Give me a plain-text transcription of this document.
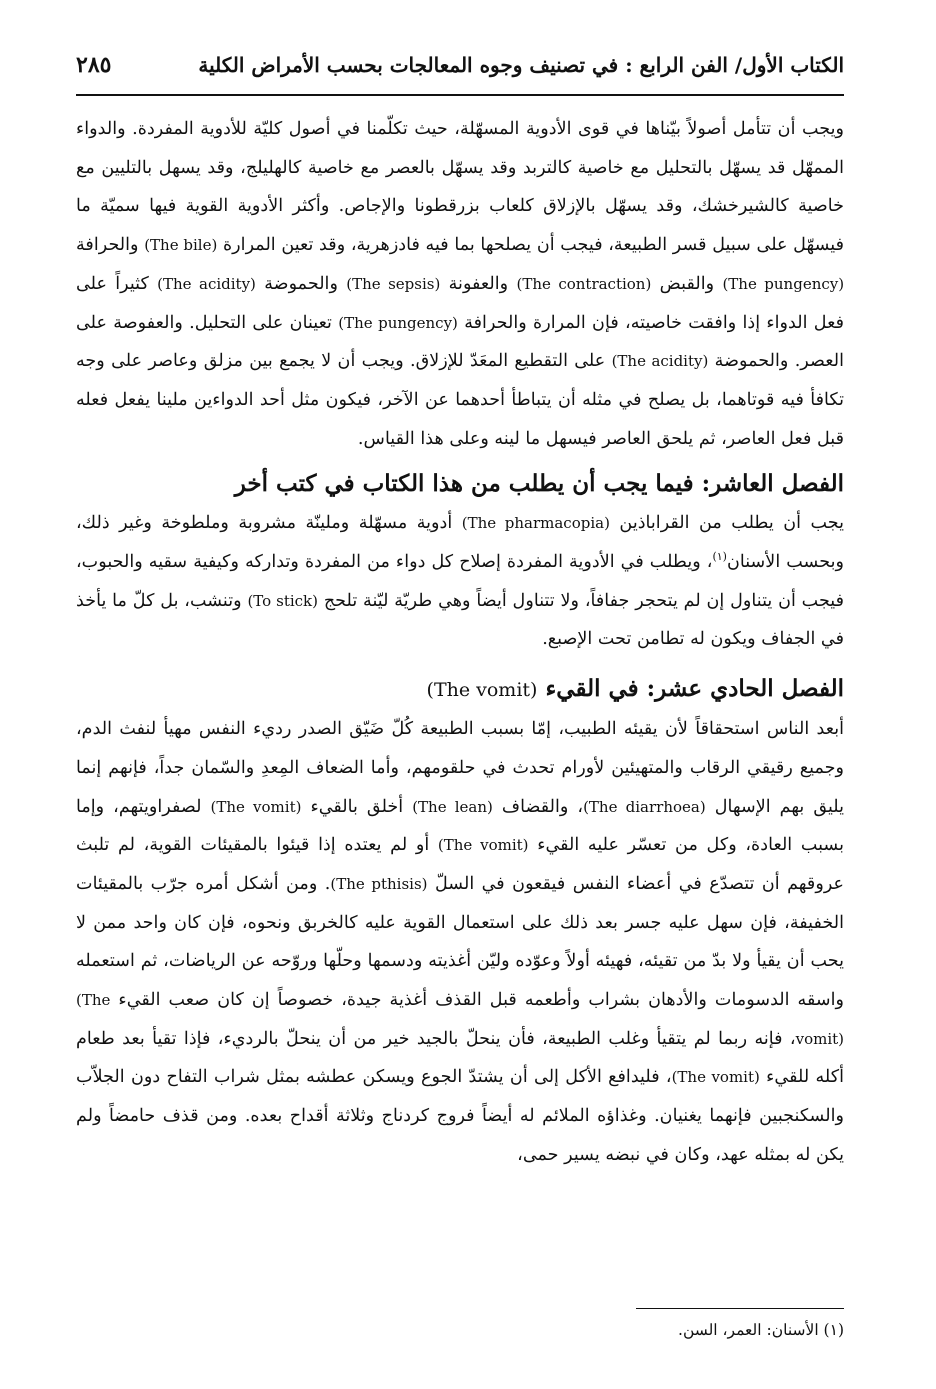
الكتاب الأول/ الفن الرابع : في تصنيف وجوه المعالجات بحسب الأمراض الكلية
٢٨٥

ويجب أن تتأمل أصولاً بيّناها في قوى الأدوية المسهّلة، حيث تكلّمنا في أصول كليّة للأدوية المفردة. والدواء الممهّل قد يسهّل بالتحليل مع خاصية كالتربد وقد يسهّل بالعصر مع خاصية كالهليلج، وقد يسهل بالتليين مع خاصية كالشيرخشك، وقد يسهّل بالإزلاق كلعاب بزرقطونا والإجاص. وأكثر الأدوية القوية فيها سميّة ما فيسهّل على سبيل قسر الطبيعة، فيجب أن يصلحها بما فيه فادزهرية، وقد تعين المرارة (The bile) والحرافة (The pungency) والقبض (The contraction) والعفونة (The sepsis) والحموضة (The acidity) كثيراً على فعل الدواء إذا وافقت خاصيته، فإن المرارة والحرافة (The pungency) تعينان على التحليل. والعفوصة على العصر. والحموضة (The acidity) على التقطيع المعَدّ للإزلاق. ويجب أن لا يجمع بين مزلق وعاصر على وجه تكافأ فيه قوتاهما، بل يصلح في مثله أن يتباطأ أحدهما عن الآخر، فيكون مثل أحد الدواءين ملينا يفعل فعله قبل فعل العاصر، ثم يلحق العاصر فيسهل ما لينه وعلى هذا القياس.

الفصل العاشر: فيما يجب أن يطلب من هذا الكتاب في كتب أخر

يجب أن يطلب من القراباذين (The pharmacopia) أدوية مسهّلة وملينّة مشروبة وملطوخة وغير ذلك، وبحسب الأسنان$^{(١)}$، ويطلب في الأدوية المفردة إصلاح كل دواء من المفردة وتداركه وكيفية سقيه والحبوب، فيجب أن يتناول إن لم يتحجر جفافاً، ولا تتناول أيضاً وهي طريّة ليّنة تلحج (To stick) وتنشب، بل كلّ ما يأخذ في الجفاف ويكون له تطامن تحت الإصبع.

الفصل الحادي عشر: في القيء (The vomit)

أبعد الناس استحقاقاً لأن يقيئه الطبيب، إمّا بسبب الطبيعة كُلّ ضَيّق الصدر رديء النفس مهيأ لنفث الدم، وجميع رقيقي الرقاب والمتهيئين لأورام تحدث في حلقومهم، وأما الضعاف المِعدِ والسّمان جداً، فإنهم إنما يليق بهم الإسهال (The diarrhoea)، والقضاف (The lean) أخلق بالقيء (The vomit) لصفراويتهم، وإما بسبب العادة، وكل من تعسّر عليه القيء (The vomit) أو لم يعتده إذا قيئوا بالمقيئات القوية، لم تلبث عروقهم أن تتصدّع في أعضاء النفس فيقعون في السلّ (The pthisis). ومن أشكل أمره جرّب بالمقيئات الخفيفة، فإن سهل عليه جسر بعد ذلك على استعمال القوية عليه كالخربق ونحوه، فإن كان واحد ممن لا يحب أن يقيأ ولا بدّ من تقيئه، فهيئه أولاً وعوّده وليّن أغذيته ودسمها وحلّها وروّحه عن الرياضات، ثم استعمله واسقه الدسومات والأدهان بشراب وأطعمه قبل القذف أغذية جيدة، خصوصاً إن كان صعب القيء (The vomit)، فإنه ربما لم يتقيأ وغلب الطبيعة، فأن ينحلّ بالجيد خير من أن ينحلّ بالرديء، فإذا تقيأ بعد طعام أكله للقيء (The vomit)، فليدافع الأكل إلى أن يشتدّ الجوع ويسكن عطشه بمثل شراب التفاح دون الجلاّب والسكنجبين فإنهما يغنيان. وغذاؤه الملائم له أيضاً فروج كردناج وثلاثة أقداح بعده. ومن قذف حامضاً ولم يكن له بمثله عهد، وكان في نبضه يسير حمى،

(١) الأسنان: العمر، السن.
